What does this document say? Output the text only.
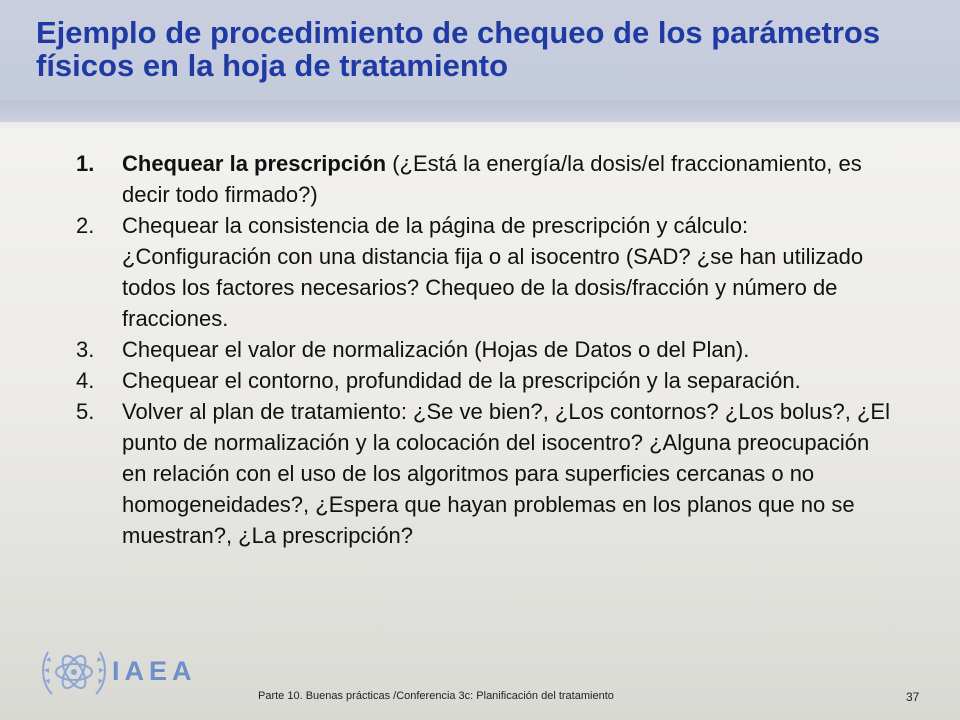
Ejemplo de procedimiento de chequeo de los parámetros físicos en la hoja de tratamiento
1.	Chequear la prescripción (¿Está la energía/la dosis/el fraccionamiento, es decir todo firmado?)
2.	Chequear la consistencia de la página de prescripción y cálculo: ¿Configuración con una distancia fija o al isocentro (SAD? ¿se han utilizado todos los factores necesarios? Chequeo de la dosis/fracción y número de fracciones.
3.	Chequear el valor de normalización (Hojas de Datos o del Plan).
4.	Chequear el contorno, profundidad de la prescripción y la separación.
5.	Volver al plan de tratamiento: ¿Se ve bien?, ¿Los contornos? ¿Los bolus?, ¿El punto de normalización y la colocación del isocentro? ¿Alguna preocupación en relación con el uso de los algoritmos para superficies cercanas o no homogeneidades?, ¿Espera que hayan problemas en los planos que no se muestran?, ¿La prescripción?

IAEA

Parte 10. Buenas prácticas /Conferencia 3c: Planificación del tratamiento	37
